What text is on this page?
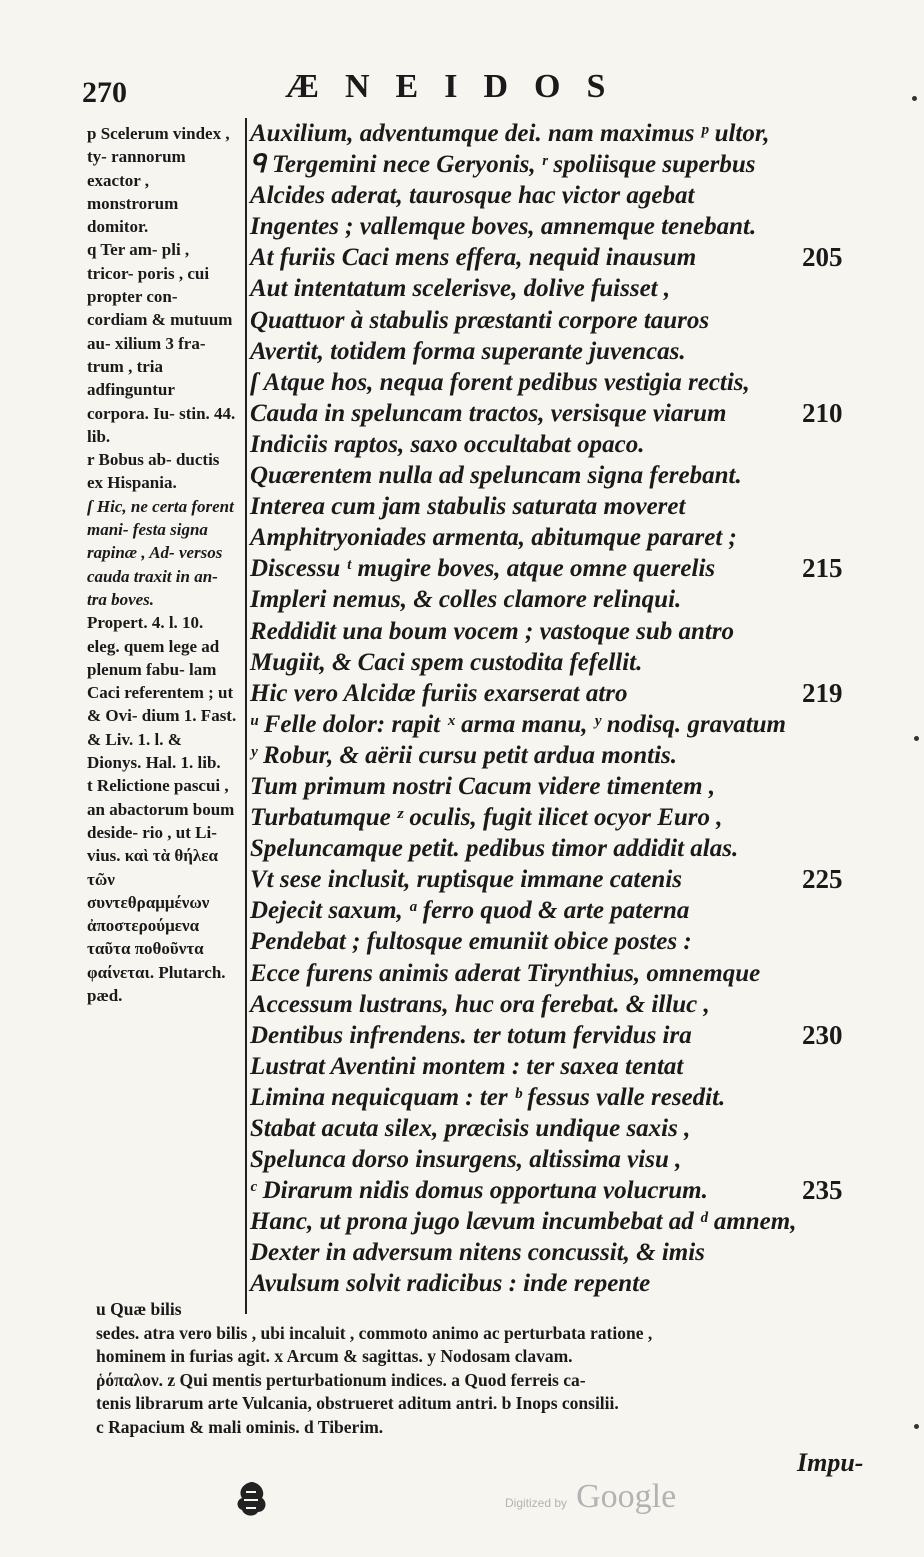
270	ÆNEIDOS
p Scelerum vindex , ty- rannorum exactor , monstrorum domitor.
q Ter am- pli , tricor- poris , cui propter con- cordiam & mutuum au- xilium 3 fra- trum , tria adfinguntur corpora. Iu- stin. 44. lib.
r Bobus ab- ductis ex Hispania.
ſ Hic, ne certa forent mani- festa signa rapinæ , Ad- versos cauda traxit in an- tra boves.
Propert. 4. l. 10. eleg. quem lege ad plenum fabu- lam Caci referentem ; ut & Ovi- dium 1. Fast. & Liv. 1. l. & Dionys. Hal. 1. lib.
t Relictione pascui , an abactorum boum deside- rio , ut Li- vius. καὶ τὰ θήλεα τῶν συντεθραμμένων ἀποστερούμενα ταῦτα ποθοῦντα φαίνεται. Plutarch. pæd.
Auxilium, adventumque dei. nam maximus ᵖ ultor,
ᑫ Tergemini nece Geryonis, ʳ spoliisque superbus
Alcides aderat, taurosque hac victor agebat
Ingentes ; vallemque boves, amnemque tenebant.
At furiis Caci mens effera, nequid inausum	205
Aut intentatum scelerisve, dolive fuisset ,
Quattuor à stabulis præstanti corpore tauros
Avertit, totidem forma superante juvencas.
ſ Atque hos, nequa forent pedibus vestigia rectis,
Cauda in speluncam tractos, versisque viarum	210
Indiciis raptos, saxo occultabat opaco.
Quærentem nulla ad speluncam signa ferebant.
Interea cum jam stabulis saturata moveret
Amphitryoniades armenta, abitumque pararet ;
Discessu ᵗ mugire boves, atque omne querelis	215
Impleri nemus, & colles clamore relinqui.
Reddidit una boum vocem ; vastoque sub antro
Mugiit, & Caci spem custodita fefellit.
Hic vero Alcidæ furiis exarserat atro	219
ᵘ Felle dolor: rapit ˣ arma manu, ʸ nodisq. gravatum
ʸ Robur, & aërii cursu petit ardua montis.
Tum primum nostri Cacum videre timentem ,
Turbatumque ᶻ oculis, fugit ilicet ocyor Euro ,
Speluncamque petit. pedibus timor addidit alas.
Vt sese inclusit, ruptisque immane catenis	225
Dejecit saxum, ᵃ ferro quod & arte paterna
Pendebat ; fultosque emuniit obice postes :
Ecce furens animis aderat Tirynthius, omnemque
Accessum lustrans, huc ora ferebat. & illuc ,
Dentibus infrendens. ter totum fervidus ira	230
Lustrat Aventini montem : ter saxea tentat
Limina nequicquam : ter ᵇ fessus valle resedit.
Stabat acuta silex, præcisis undique saxis ,
Spelunca dorso insurgens, altissima visu ,
ᶜ Dirarum nidis domus opportuna volucrum.	235
Hanc, ut prona jugo lævum incumbebat ad ᵈ amnem,
Dexter in adversum nitens concussit, & imis
Avulsum solvit radicibus : inde repente
u Quæ bilis
sedes. atra vero bilis , ubi incaluit , commoto animo ac perturbata ratione ,
hominem in furias agit. x Arcum & sagittas. y Nodosam clavam.
ῥόπαλον. z Qui mentis perturbationum indices. a Quod ferreis ca-
tenis librarum arte Vulcania, obstrueret aditum antri. b Inops consilii.
c Rapacium & mali ominis. d Tiberim.
Impu-
Digitized by Google
